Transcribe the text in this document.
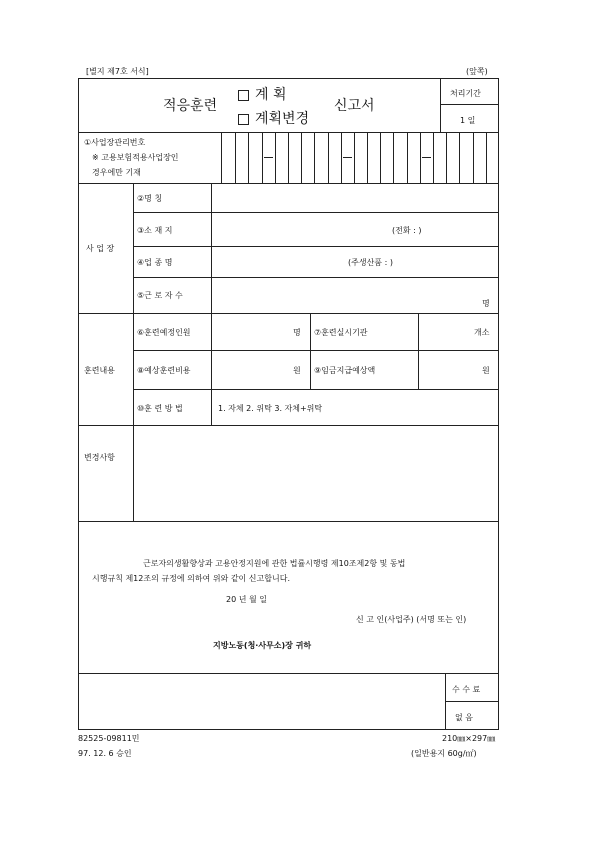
[별지 제7호 서식]	(앞쪽)
적응훈련
계 획
계획변경
신고서
처리기간
1 일
①사업장관리번호
※ 고용보험적용사업장인
경우에만 기재
사 업 장
②명 칭
③소 재 지	(전화 : )
④업 종 명	(주생산품 : )
⑤근 로 자 수
명
훈련내용
⑥훈련예정인원	명 ⑦훈련실시기관	개소
⑧예상훈련비용	원 ⑨임금지급예상액	원
⑩훈 련 방 법	1. 자체 2. 위탁 3. 자체+위탁
변경사항
근로자의생활향상과 고용안정지원에 관한 법률시행령 제10조제2항 및 동법
시행규칙 제12조의 규정에 의하여 위와 같이 신고합니다.
20 년 월 일
신 고 인(사업주) (서명 또는 인)
지방노동(청·사무소)장 귀하
수 수 료
없 음
82525-09811민
97. 12. 6 승인
210㎜×297㎜
(일반용지 60g/㎡)
